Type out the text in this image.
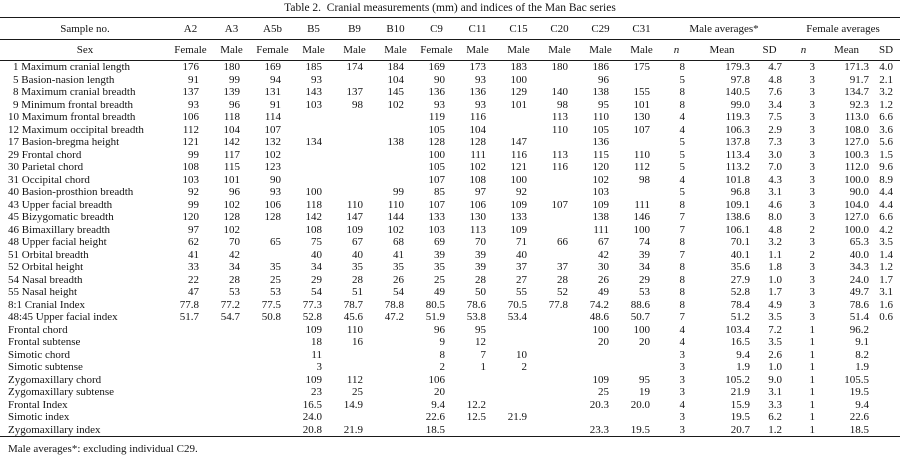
Table 2.  Cranial measurements (mm) and indices of the Man Bac series
Sample no.	A2	A3	A5b	B5	B9	B10	C9	C11	C15	C20	C29	C31	Male averages*			Female averages		
Sex	Female	Male	Female	Male	Male	Male	Female	Male	Male	Male	Male	Male	n	Mean	SD	n	Mean	SD
1 Maximum cranial length	176	180	169	185	174	184	169	173	183	180	186	175	8	179.3	4.7	3	171.3	4.0
5 Basion-nasion length	91	99	94	93		104	90	93	100		96		5	97.8	4.8	3	91.7	2.1
8 Maximum cranial breadth	137	139	131	143	137	145	136	136	129	140	138	155	8	140.5	7.6	3	134.7	3.2
9 Minimum frontal breadth	93	96	91	103	98	102	93	93	101	98	95	101	8	99.0	3.4	3	92.3	1.2
10 Maximum frontal breadth	106	118	114				119	116		113	110	130	4	119.3	7.5	3	113.0	6.6
12 Maximum occipital breadth	112	104	107				105	104		110	105	107	4	106.3	2.9	3	108.0	3.6
17 Basion-bregma height	121	142	132	134		138	128	128	147		136		5	137.8	7.3	3	127.0	5.6
29 Frontal chord	99	117	102				100	111	116	113	115	110	5	113.4	3.0	3	100.3	1.5
30 Parietal chord	108	115	123				105	102	121	116	120	112	5	113.2	7.0	3	112.0	9.6
31 Occipital chord	103	101	90				107	108	100		102	98	4	101.8	4.3	3	100.0	8.9
40 Basion-prosthion breadth	92	96	93	100		99	85	97	92		103		5	96.8	3.1	3	90.0	4.4
43 Upper facial breadth	99	102	106	118	110	110	107	106	109	107	109	111	8	109.1	4.6	3	104.0	4.4
45 Bizygomatic breadth	120	128	128	142	147	144	133	130	133		138	146	7	138.6	8.0	3	127.0	6.6
46 Bimaxillary breadth	97	102		108	109	102	103	113	109		111	100	7	106.1	4.8	2	100.0	4.2
48 Upper facial height	62	70	65	75	67	68	69	70	71	66	67	74	8	70.1	3.2	3	65.3	3.5
51 Orbital breadth	41	42		40	40	41	39	39	40		42	39	7	40.1	1.1	2	40.0	1.4
52 Orbital height	33	34	35	34	35	35	35	39	37	37	30	34	8	35.6	1.8	3	34.3	1.2
54 Nasal breadth	22	28	25	29	28	26	25	28	27	28	26	29	8	27.9	1.0	3	24.0	1.7
55 Nasal height	47	53	53	54	51	54	49	50	55	52	49	53	8	52.8	1.7	3	49.7	3.1
8:1 Cranial Index	77.8	77.2	77.5	77.3	78.7	78.8	80.5	78.6	70.5	77.8	74.2	88.6	8	78.4	4.9	3	78.6	1.6
48:45 Upper facial index	51.7	54.7	50.8	52.8	45.6	47.2	51.9	53.8	53.4		48.6	50.7	7	51.2	3.5	3	51.4	0.6
Frontal chord				109	110		96	95			100	100	4	103.4	7.2	1	96.2	
Frontal subtense				18	16		9	12			20	20	4	16.5	3.5	1	9.1	
Simotic chord				11			8	7	10				3	9.4	2.6	1	8.2	
Simotic subtense				3			2	1	2				3	1.9	1.0	1	1.9	
Zygomaxillary chord				109	112		106				109	95	3	105.2	9.0	1	105.5	
Zygomaxillary subtense				23	25		20				25	19	3	21.9	3.1	1	19.5	
Frontal Index				16.5	14.9		9.4	12.2			20.3	20.0	4	15.9	3.3	1	9.4	
Simotic index				24.0			22.6	12.5	21.9				3	19.5	6.2	1	22.6	
Zygomaxillary index				20.8	21.9		18.5				23.3	19.5	3	20.7	1.2	1	18.5	
Male averages*: excluding individual C29.
